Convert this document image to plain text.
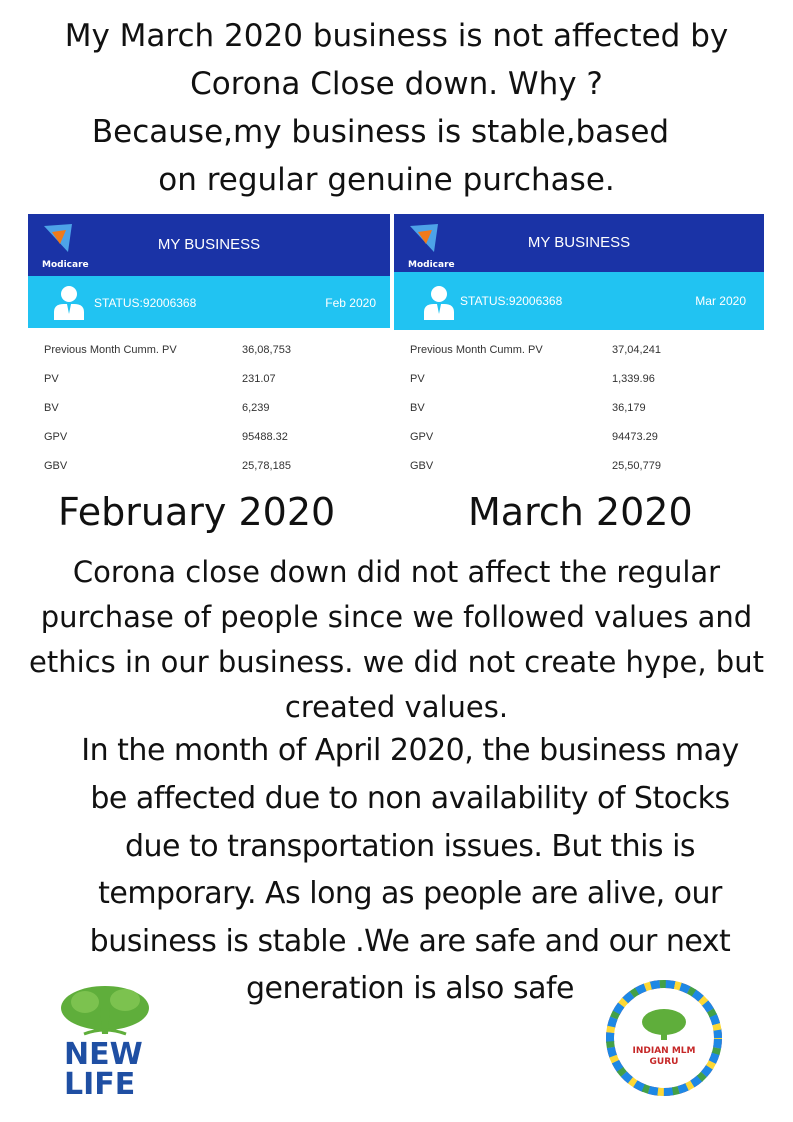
My March 2020 business is not affected by
Corona Close down. Why ?
Because,my business is stable,based
on regular genuine purchase.
Modicare
MY BUSINESS
STATUS:92006368	Feb 2020
Previous Month Cumm. PV	36,08,753
PV	231.07
BV	6,239
GPV	95488.32
GBV	25,78,185
Modicare
MY BUSINESS
STATUS:92006368	Mar 2020
Previous Month Cumm. PV	37,04,241
PV	1,339.96
BV	36,179
GPV	94473.29
GBV	25,50,779
February 2020	March 2020
Corona close down did not affect the regular
purchase of people since we followed values and
ethics in our business. we did not create hype, but
created values.
In the month of April 2020, the business may
be affected due to non availability of Stocks
due to transportation issues. But this is
temporary. As long as people are alive, our
business is stable .We are safe and our next
generation is also safe
NEW
LIFE
INDIAN MLM
GURU
